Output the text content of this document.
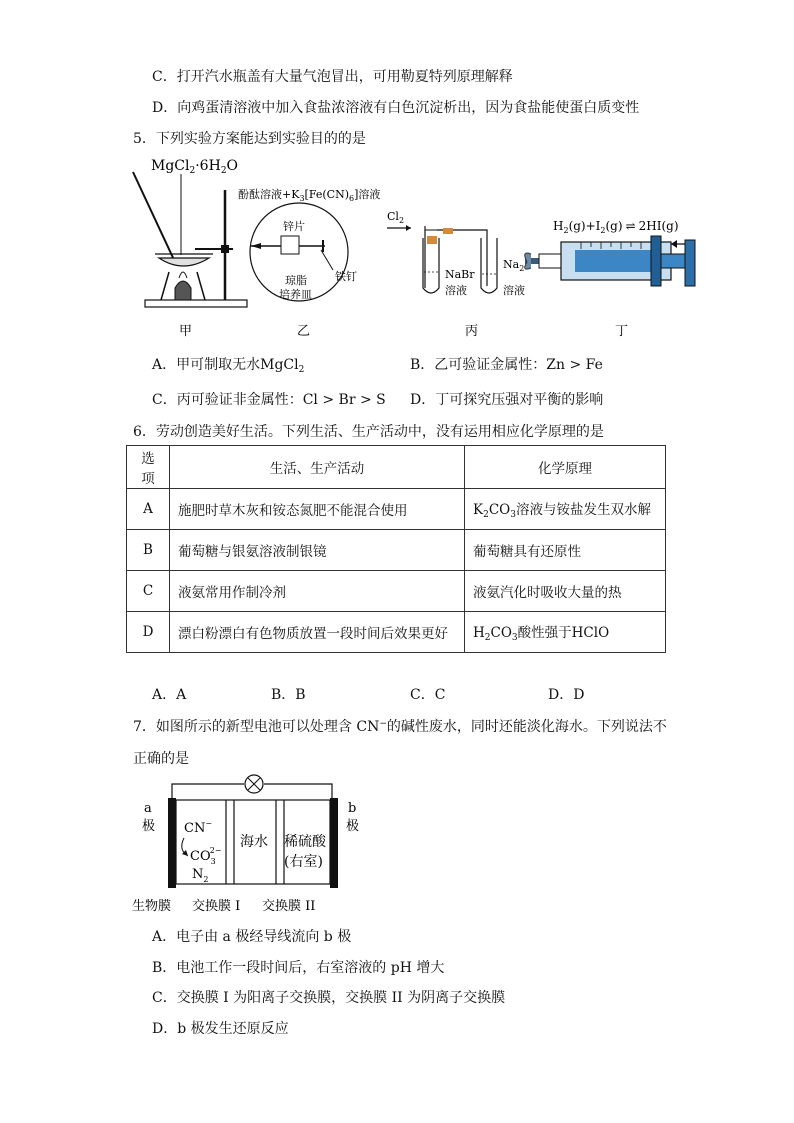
C．打开汽水瓶盖有大量气泡冒出，可用勒夏特列原理解释
D．向鸡蛋清溶液中加入食盐浓溶液有白色沉淀析出，因为食盐能使蛋白质变性
5．下列实验方案能达到实验目的的是
$MgCl_2\cdot 6H_2O$
甲
酚酞溶液$+K_3[Fe(CN)_6]$溶液
锌片
铁钉
琼脂
培养皿
乙
$Cl_2$
NaBr
溶液
$Na_2$
溶液
丙
$H_2(g)+I_2(g)$ ⇌ 2HI(g)
丁
A．甲可制取无水MgCl$_2$	B．乙可验证金属性：Zn > Fe
C．丙可验证非金属性：Cl > Br > S D．丁可探究压强对平衡的影响
6．劳动创造美好生活。下列生活、生产活动中，没有运用相应化学原理的是
选项	生活、生产活动	化学原理
A	施肥时草木灰和铵态氮肥不能混合使用	$K_2CO_3$溶液与铵盐发生双水解
B	葡萄糖与银氨溶液制银镜	葡萄糖具有还原性
C	液氨常用作制冷剂	液氨汽化时吸收大量的热
D	漂白粉漂白有色物质放置一段时间后效果更好	$H_2CO_3$酸性强于HClO
A．A	B．B	C．C	D．D
7．如图所示的新型电池可以处理含 CN−的碱性废水，同时还能淡化海水。下列说法不
正确的是
a
极
b
极
CN−
$CO_32-$
$N_2$
海水 稀硫酸
(右室)
生物膜 交换膜 I 交换膜 II
A．电子由 a 极经导线流向 b 极
B．电池工作一段时间后，右室溶液的 pH 增大
C．交换膜 I 为阳离子交换膜，交换膜 II 为阴离子交换膜
D．b 极发生还原反应
